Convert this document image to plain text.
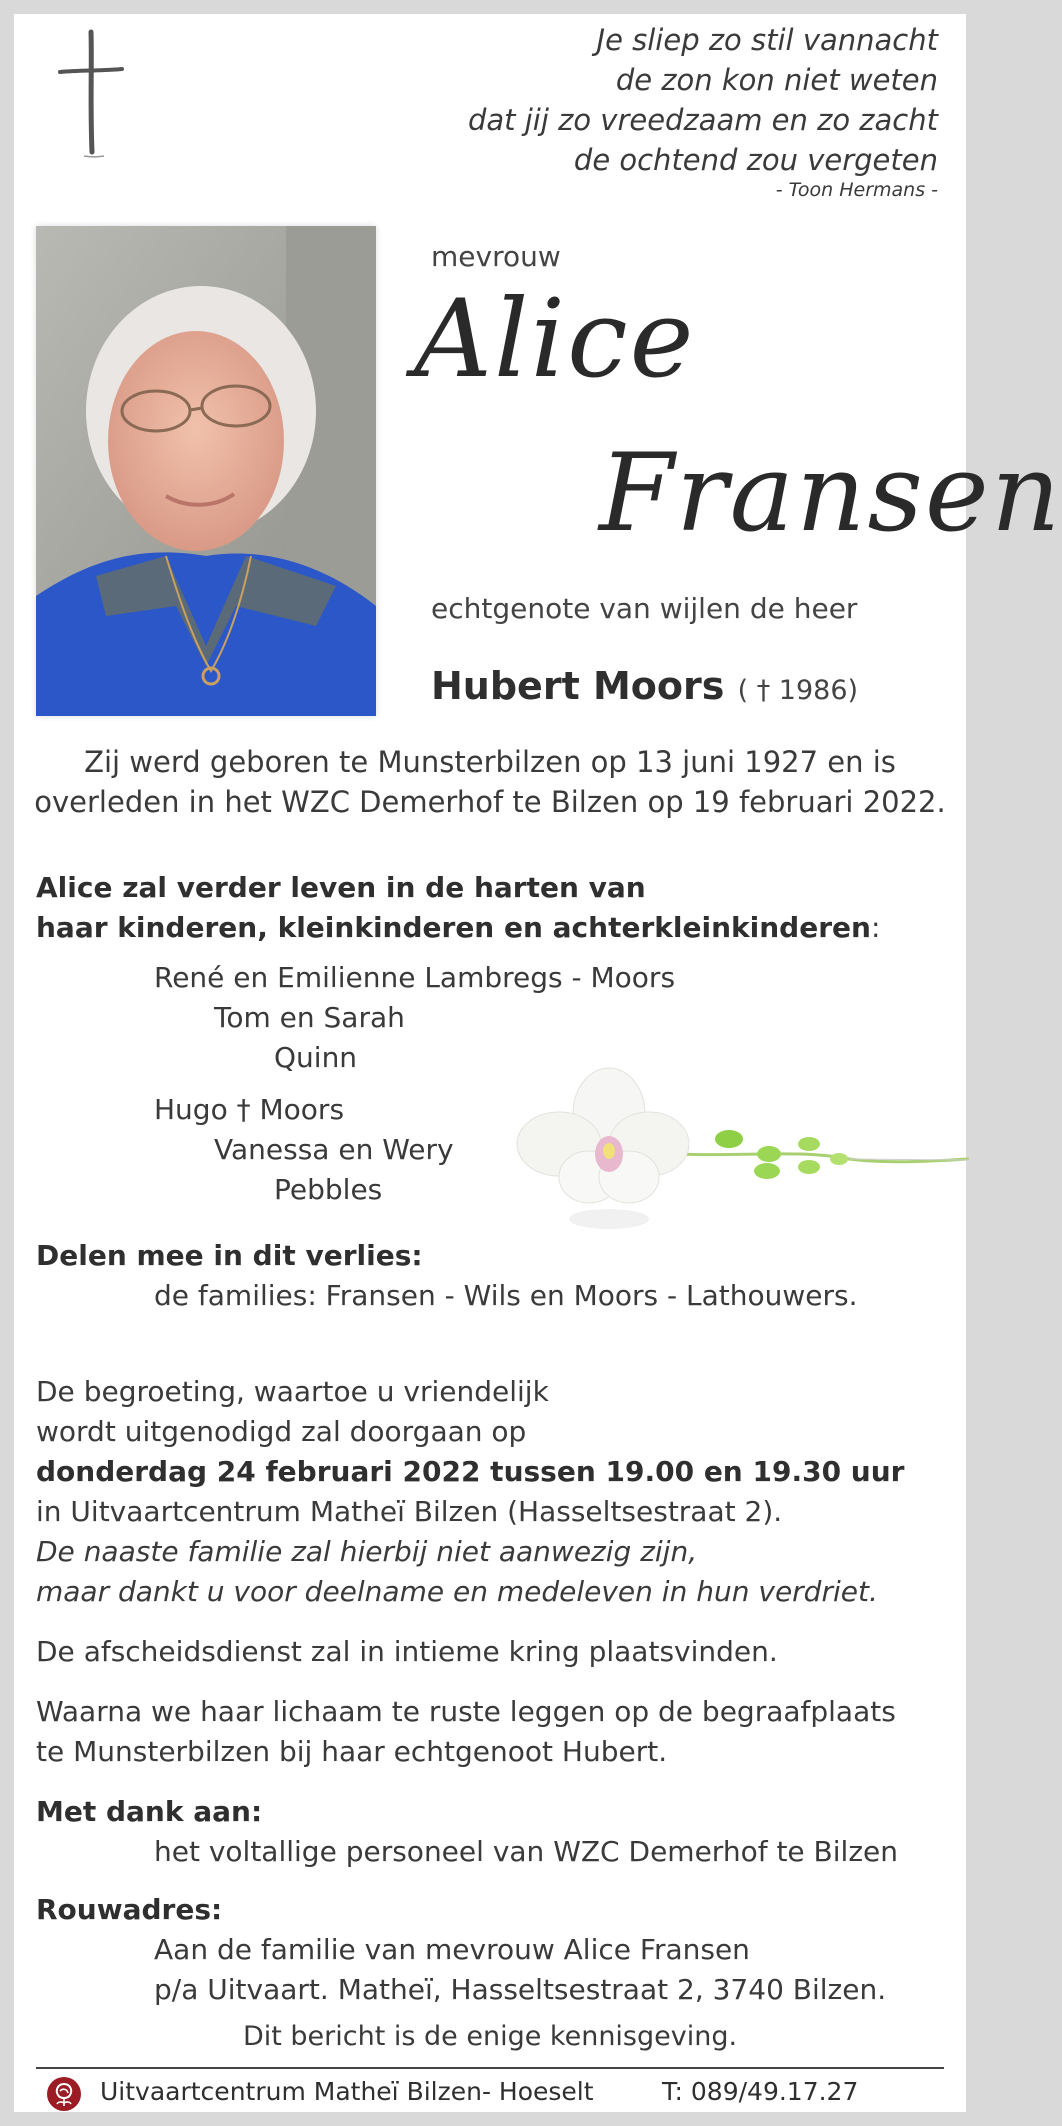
Je sliep zo stil vannacht
de zon kon niet weten
dat jij zo vreedzaam en zo zacht
de ochtend zou vergeten
- Toon Hermans -
mevrouw
Alice
Fransen
echtgenote van wijlen de heer
Hubert Moors ( † 1986)
Zij werd geboren te Munsterbilzen op 13 juni 1927 en is
overleden in het WZC Demerhof te Bilzen op 19 februari 2022.
Alice zal verder leven in de harten van
haar kinderen, kleinkinderen en achterkleinkinderen:
René en Emilienne Lambregs - Moors
Tom en Sarah
Quinn
Hugo † Moors
Vanessa en Wery
Pebbles
Delen mee in dit verlies:
de families: Fransen - Wils en Moors - Lathouwers.
De begroeting, waartoe u vriendelijk
wordt uitgenodigd zal doorgaan op
donderdag 24 februari 2022 tussen 19.00 en 19.30 uur
in Uitvaartcentrum Matheï Bilzen (Hasseltsestraat 2).
De naaste familie zal hierbij niet aanwezig zijn,
maar dankt u voor deelname en medeleven in hun verdriet.
De afscheidsdienst zal in intieme kring plaatsvinden.
Waarna we haar lichaam te ruste leggen op de begraafplaats
te Munsterbilzen bij haar echtgenoot Hubert.
Met dank aan:
het voltallige personeel van WZC Demerhof te Bilzen
Rouwadres:
Aan de familie van mevrouw Alice Fransen
p/a Uitvaart. Matheï, Hasseltsestraat 2, 3740 Bilzen.
Dit bericht is de enige kennisgeving.
Uitvaartcentrum Matheï Bilzen- Hoeselt	T: 089/49.17.27
